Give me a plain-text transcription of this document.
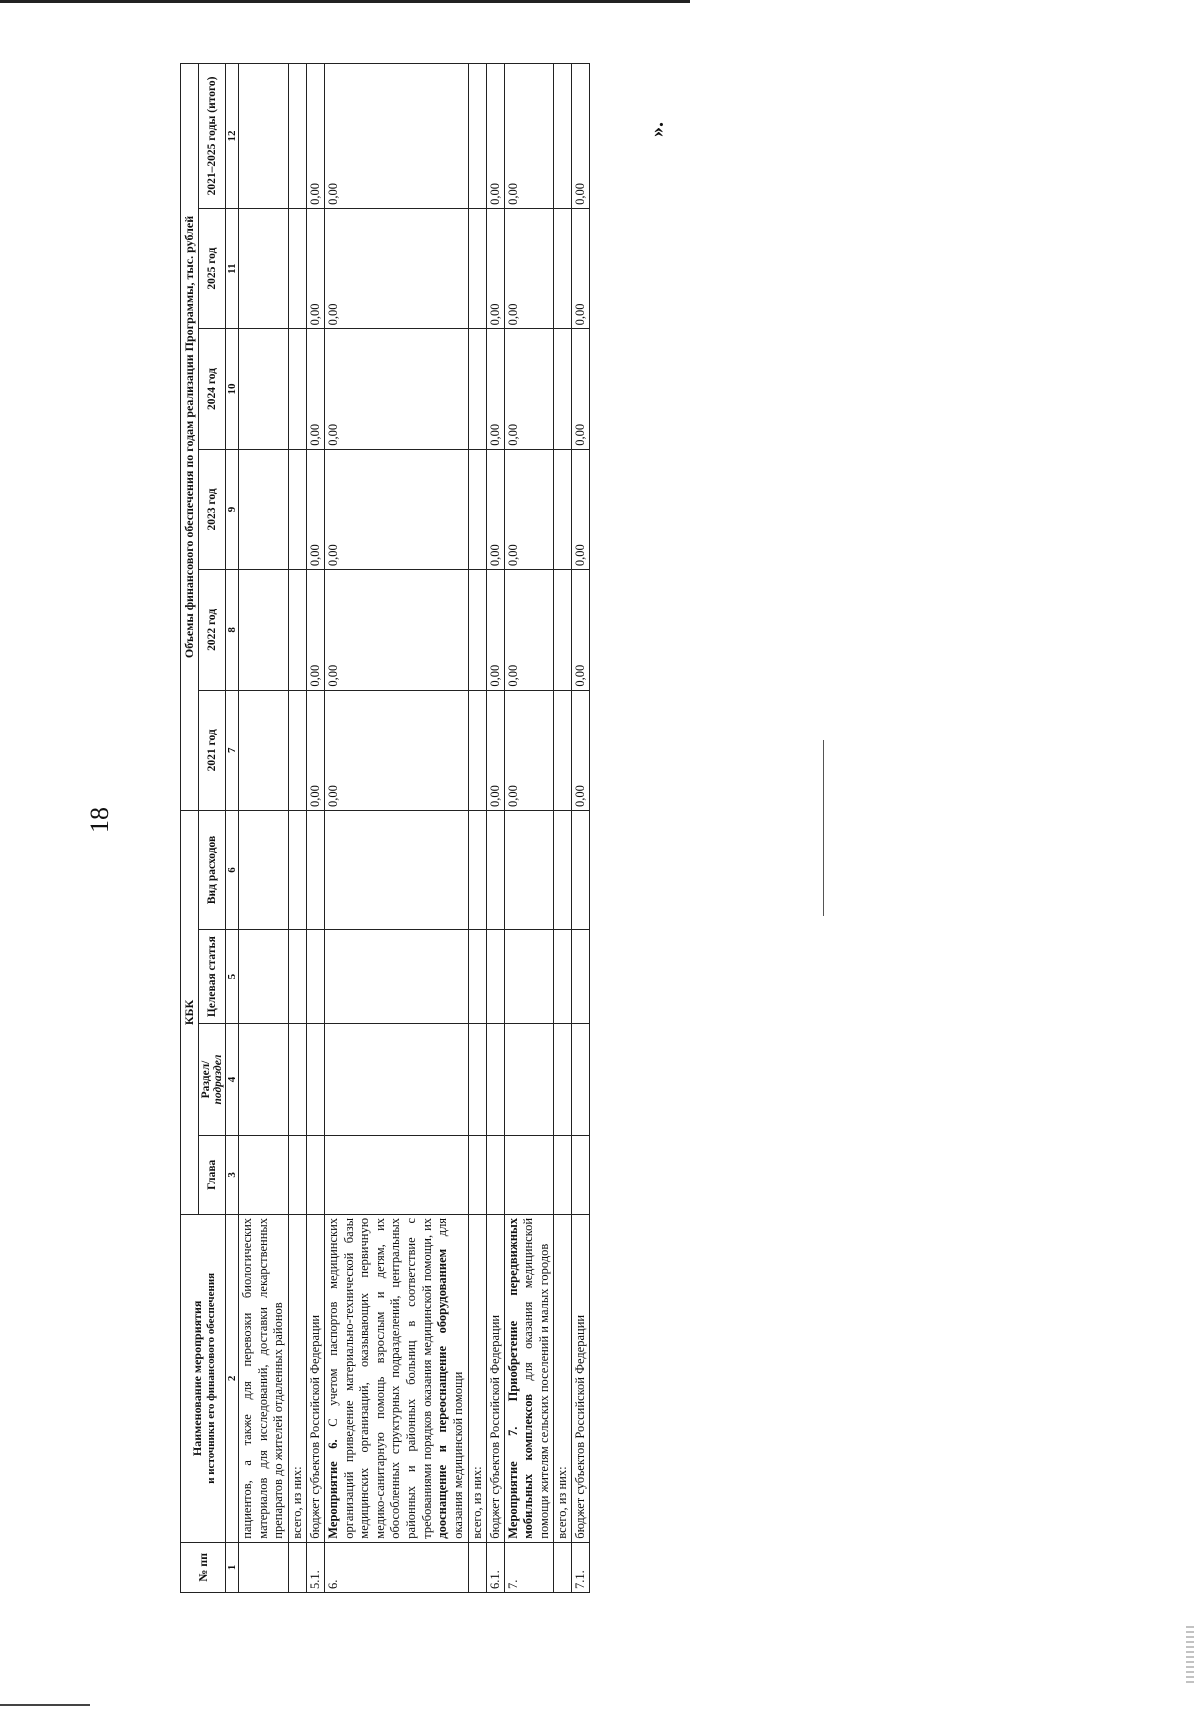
18
».
№ пп	Наименование мероприятия и источники его финансового обеспечения	КБК				Объемы финансового обеспечения по годам реализации Программы, тыс. рублей					
		Глава	Раздел/ подраздел	Целевая статья	Вид расходов	2021 год	2022 год	2023 год	2024 год	2025 год	2021–2025 годы (итого)
1	2	3	4	5	6	7	8	9	10	11	12
	пациентов, а также для перевозки биологических материалов для исследований, доставки лекарственных препаратов до жителей отдаленных районов										
	всего, из них:										
5.1.	бюджет субъектов Российской Федерации					0,00	0,00	0,00	0,00	0,00	0,00
6.	Мероприятие 6. С учетом паспортов медицинских организаций приведение материально-технической базы медицинских организаций, оказывающих первичную медико-санитарную помощь взрослым и детям, их обособленных структурных подразделений, центральных районных и районных больниц в соответствие с требованиями порядков оказания медицинской помощи, их дооснащение и переоснащение оборудованием для оказания медицинской помощи					0,00	0,00	0,00	0,00	0,00	0,00
	всего, из них:										
6.1.	бюджет субъектов Российской Федерации					0,00	0,00	0,00	0,00	0,00	0,00
7.	Мероприятие 7. Приобретение передвижных мобильных комплексов для оказания медицинской помощи жителям сельских поселений и малых городов					0,00	0,00	0,00	0,00	0,00	0,00
	всего, из них:										
7.1.	бюджет субъектов Российской Федерации					0,00	0,00	0,00	0,00	0,00	0,00
